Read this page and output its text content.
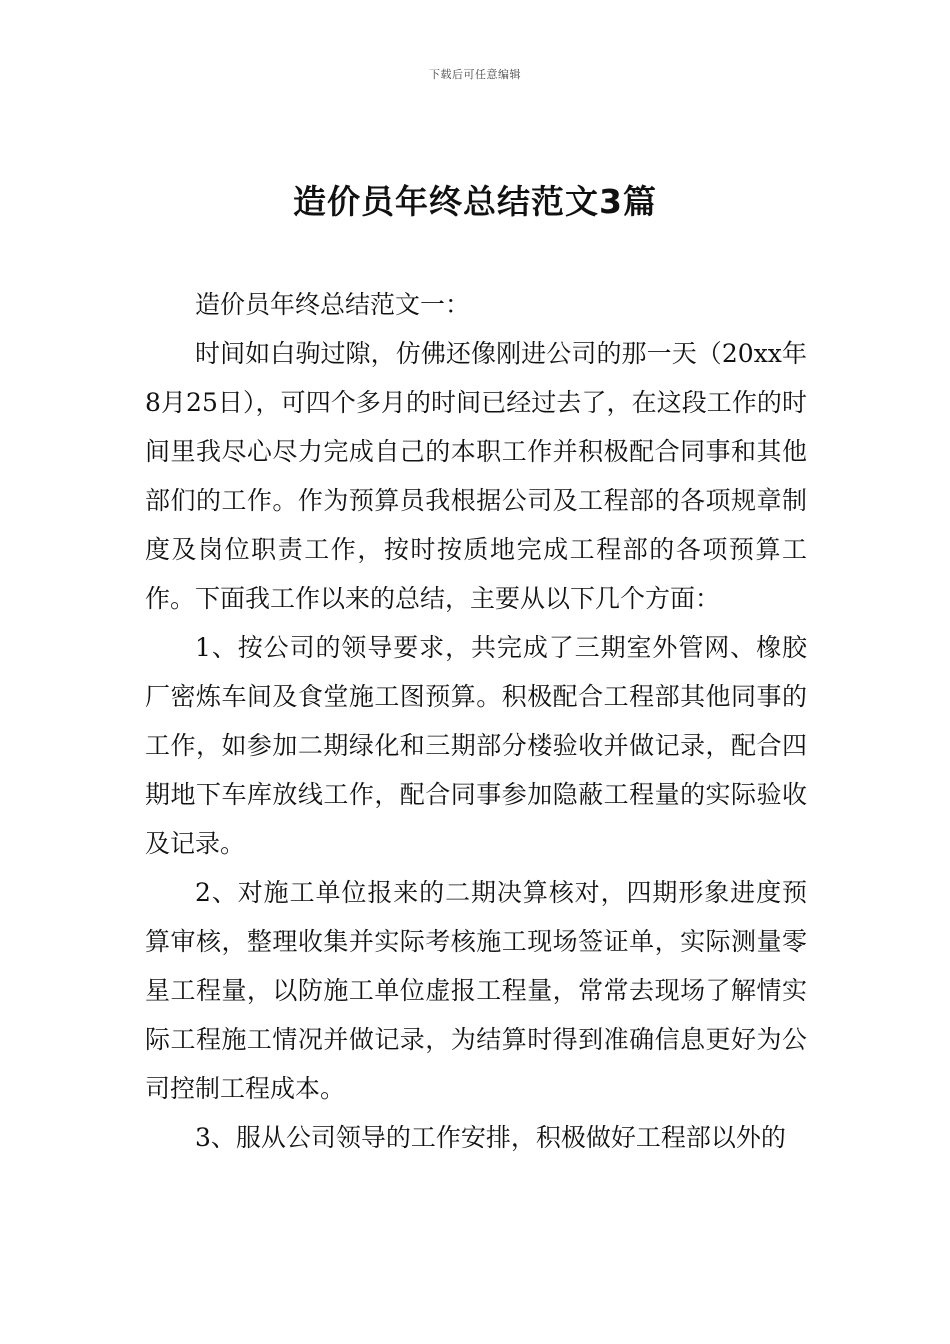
下载后可任意编辑
造价员年终总结范文3篇

造价员年终总结范文一：

时间如白驹过隙，仿佛还像刚进公司的那一天（20xx年8月25日），可四个多月的时间已经过去了，在这段工作的时间里我尽心尽力完成自己的本职工作并积极配合同事和其他部们的工作。作为预算员我根据公司及工程部的各项规章制度及岗位职责工作，按时按质地完成工程部的各项预算工作。下面我工作以来的总结，主要从以下几个方面：

1、按公司的领导要求，共完成了三期室外管网、橡胶厂密炼车间及食堂施工图预算。积极配合工程部其他同事的工作，如参加二期绿化和三期部分楼验收并做记录，配合四期地下车库放线工作，配合同事参加隐蔽工程量的实际验收及记录。

2、对施工单位报来的二期决算核对，四期形象进度预算审核，整理收集并实际考核施工现场签证单，实际测量零星工程量，以防施工单位虚报工程量，常常去现场了解情实际工程施工情况并做记录，为结算时得到准确信息更好为公司控制工程成本。

3、服从公司领导的工作安排，积极做好工程部以外的
